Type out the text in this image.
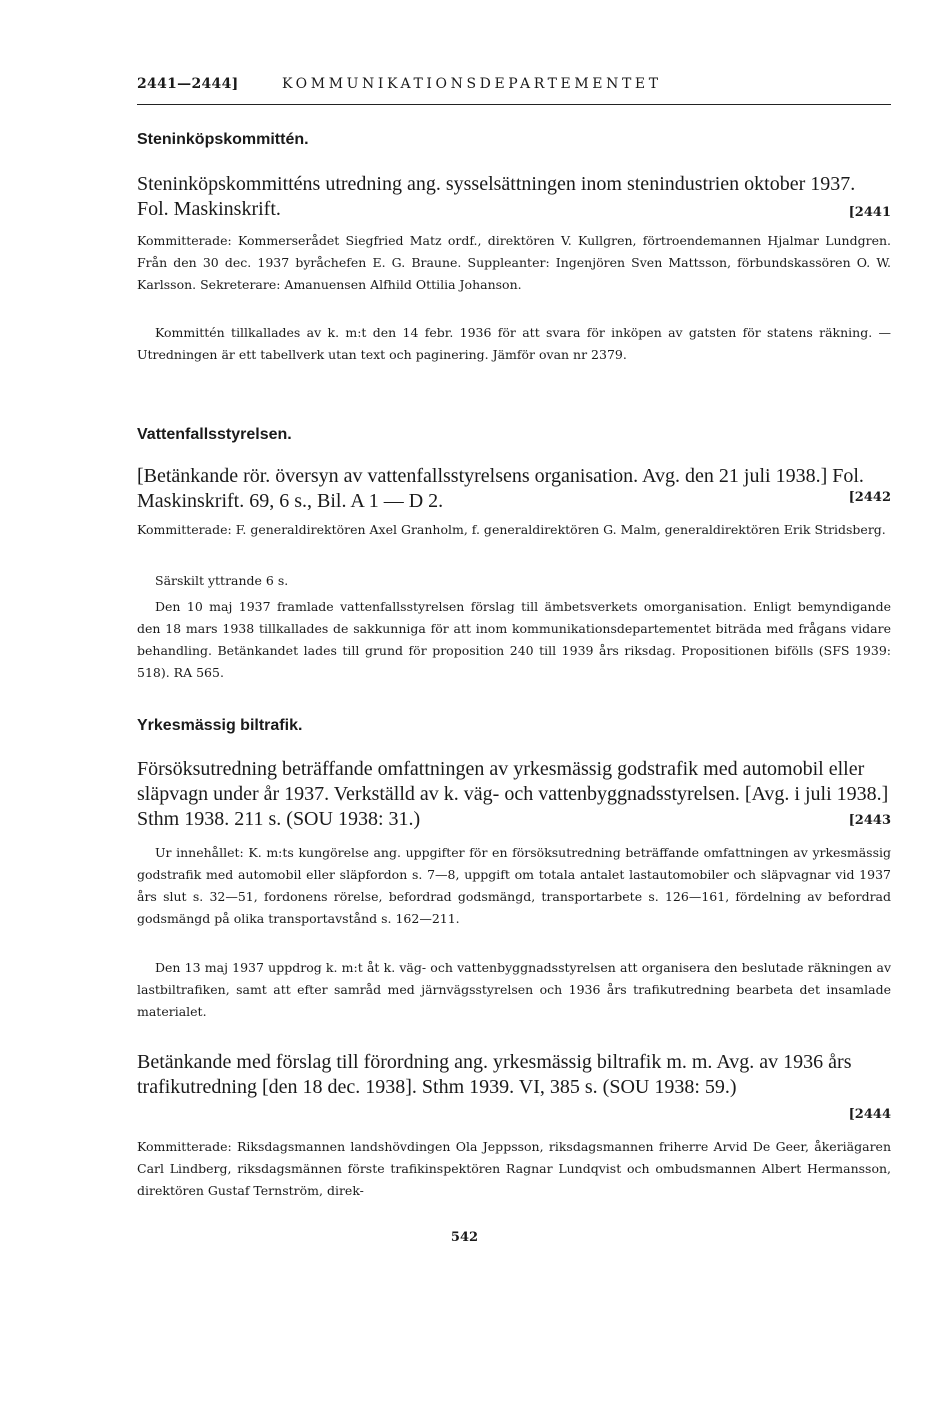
2441—2444]	KOMMUNIKATIONSDEPARTEMENTET
Steninköpskommittén.
Steninköpskommitténs utredning ang. sysselsättningen inom stenindustrien oktober 1937. Fol. Maskinskrift.	[2441
Kommitterade: Kommerserådet Siegfried Matz ordf., direktören V. Kullgren, förtroendemannen Hjalmar Lundgren. Från den 30 dec. 1937 byråchefen E. G. Braune. Suppleanter: Ingenjören Sven Mattsson, förbundskassören O. W. Karlsson. Sekreterare: Amanuensen Alfhild Ottilia Johanson.
Kommittén tillkallades av k. m:t den 14 febr. 1936 för att svara för inköpen av gatsten för statens räkning. — Utredningen är ett tabellverk utan text och paginering. Jämför ovan nr 2379.
Vattenfallsstyrelsen.
[Betänkande rör. översyn av vattenfallsstyrelsens organisation. Avg. den 21 juli 1938.] Fol. Maskinskrift. 69, 6 s., Bil. A 1 — D 2.	[2442
Kommitterade: F. generaldirektören Axel Granholm, f. generaldirektören G. Malm, generaldirektören Erik Stridsberg.
Särskilt yttrande 6 s.
Den 10 maj 1937 framlade vattenfallsstyrelsen förslag till ämbetsverkets omorganisation. Enligt bemyndigande den 18 mars 1938 tillkallades de sakkunniga för att inom kommunikationsdepartementet biträda med frågans vidare behandling. Betänkandet lades till grund för proposition 240 till 1939 års riksdag. Propositionen bifölls (SFS 1939: 518). RA 565.
Yrkesmässig biltrafik.
Försöksutredning beträffande omfattningen av yrkesmässig godstrafik med automobil eller släpvagn under år 1937. Verkställd av k. väg- och vattenbyggnadsstyrelsen. [Avg. i juli 1938.] Sthm 1938. 211 s. (SOU 1938: 31.)	[2443
Ur innehållet: K. m:ts kungörelse ang. uppgifter för en försöksutredning beträffande omfattningen av yrkesmässig godstrafik med automobil eller släpfordon s. 7—8, uppgift om totala antalet lastautomobiler och släpvagnar vid 1937 års slut s. 32—51, fordonens rörelse, befordrad godsmängd, transportarbete s. 126—161, fördelning av befordrad godsmängd på olika transportavstånd s. 162—211.
Den 13 maj 1937 uppdrog k. m:t åt k. väg- och vattenbyggnadsstyrelsen att organisera den beslutade räkningen av lastbiltrafiken, samt att efter samråd med järnvägsstyrelsen och 1936 års trafikutredning bearbeta det insamlade materialet.
Betänkande med förslag till förordning ang. yrkesmässig biltrafik m. m. Avg. av 1936 års trafikutredning [den 18 dec. 1938]. Sthm 1939. VI, 385 s. (SOU 1938: 59.)
[2444
Kommitterade: Riksdagsmannen landshövdingen Ola Jeppsson, riksdagsmannen friherre Arvid De Geer, åkeriägaren Carl Lindberg, riksdagsmännen förste trafikinspektören Ragnar Lundqvist och ombudsmannen Albert Hermansson, direktören Gustaf Ternström, direk-
542
